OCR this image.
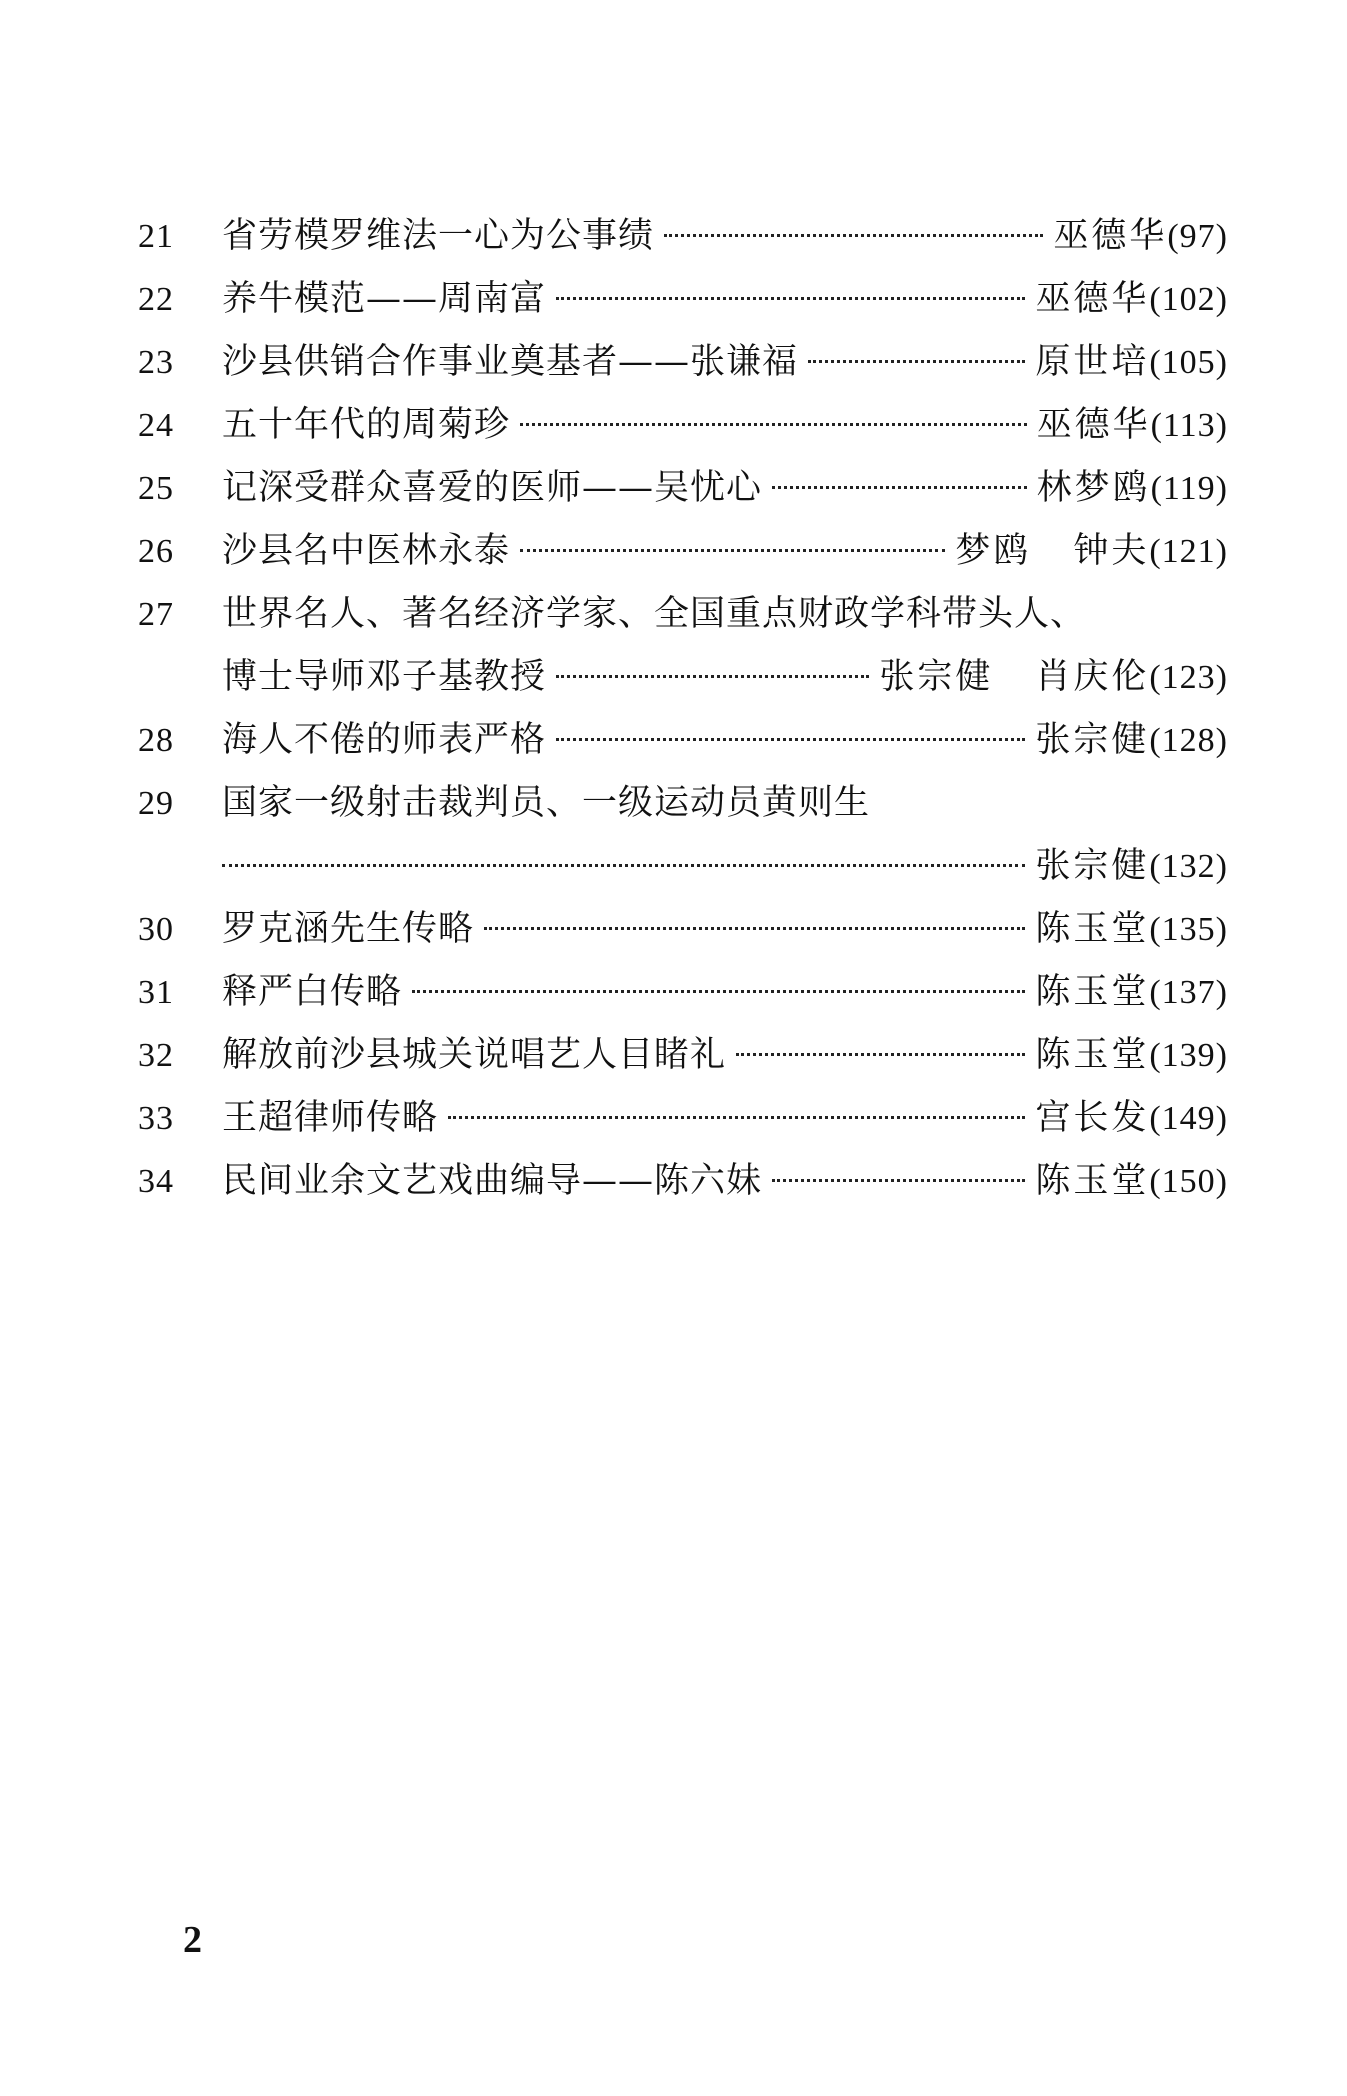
21	省劳模罗维法一心为公事绩	巫德华 (97)
22	养牛模范——周南富	巫德华 (102)
23	沙县供销合作事业奠基者——张谦福	原世培 (105)
24	五十年代的周菊珍	巫德华 (113)
25	记深受群众喜爱的医师——吴忧心	林梦鸥 (119)
26	沙县名中医林永泰	梦鸥 钟夫 (121)
27	世界名人、著名经济学家、全国重点财政学科带头人、
博士导师邓子基教授	张宗健 肖庆伦 (123)
28	海人不倦的师表严格	张宗健 (128)
29	国家一级射击裁判员、一级运动员黄则生
张宗健 (132)
30	罗克涵先生传略	陈玉堂 (135)
31	释严白传略	陈玉堂 (137)
32	解放前沙县城关说唱艺人目睹礼	陈玉堂 (139)
33	王超律师传略	宫长发 (149)
34	民间业余文艺戏曲编导——陈六妹	陈玉堂 (150)
2
